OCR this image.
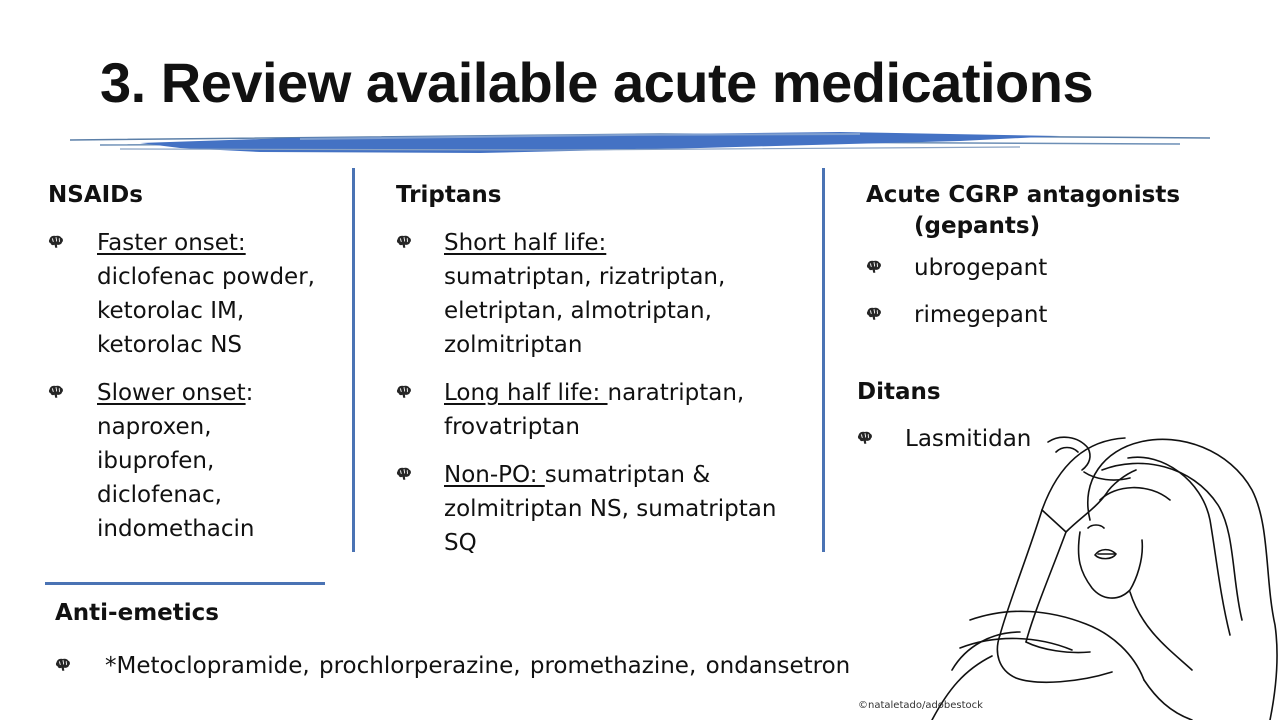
3. Review available acute medications

NSAIDs

Faster onset:
diclofenac powder, ketorolac IM, ketorolac NS
Slower onset:
naproxen, ibuprofen, diclofenac, indomethacin

Triptans

Short half life:
sumatriptan, rizatriptan, eletriptan, almotriptan, zolmitriptan
Long half life: naratriptan, frovatriptan
Non-PO: sumatriptan & zolmitriptan NS, sumatriptan SQ

Acute CGRP antagonists
(gepants)

ubrogepant
rimegepant

Ditans

Lasmitidan

Anti-emetics

*Metoclopramide, prochlorperazine, promethazine, ondansetron
©nataletado/adobestock
